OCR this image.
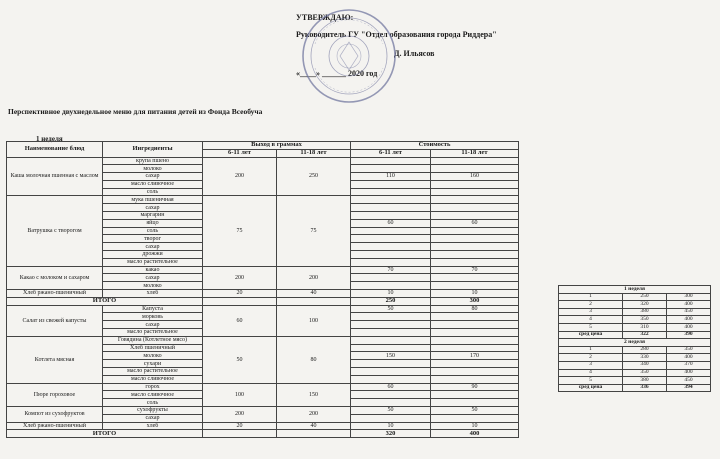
УТВЕРЖДАЮ:
Руководитель ГУ "Отдел образования города Риддера"
Д. Ильясов
«____» ______ 2020 год
Перспективное двухнедельное меню для питания детей из Фонда Всеобуча
1 неделя
Наименование блюд	Ингредиенты	Выход в граммах		Стоимость	
		6-11 лет	11-18 лет	6-11 лет	11-18 лет
Каша молочная пшенная с маслом	крупа пшено	200	250		
	молоко				
	сахар			110	160
	масло сливочное				
	соль				
Ватрушка с творогом	мука пшеничная	75	75		
	сахар				
	маргарин				
	яйцо			60	60
	соль				
	творог				
	сахар				
	дрожжи				
	масло растительное				
Какао с молоком и сахаром	какао	200	200	70	70
	сахар				
	молоко				
Хлеб ржано-пшеничный	хлеб	20	40	10	10
ИТОГО				250	300
Салат из свежей капусты	Капуста	60	100	50	80
	морковь				
	сахар				
	масло растительное				
Котлета мясная	Говядина (Котлетное мясо)	50	80		
	Хлеб пшеничный				
	молоко			150	170
	сухари				
	масло растительное				
	масло сливочное				
Пюре гороховое	горох	100	150	60	90
	масло сливочное				
	соль				
Компот из сухофруктов	сухофрукты	200	200	50	50
	сахар				
Хлеб ржано-пшеничный	хлеб	20	40	10	10
ИТОГО				320	400
1 неделя		
1	250	300
2	320	400
3	380	450
4	350	400
5	310	400
сред цена	322	390
2 неделя		
1	280	350
2	330	400
3	340	370
4	350	400
5	380	450
сред цена	336	394
